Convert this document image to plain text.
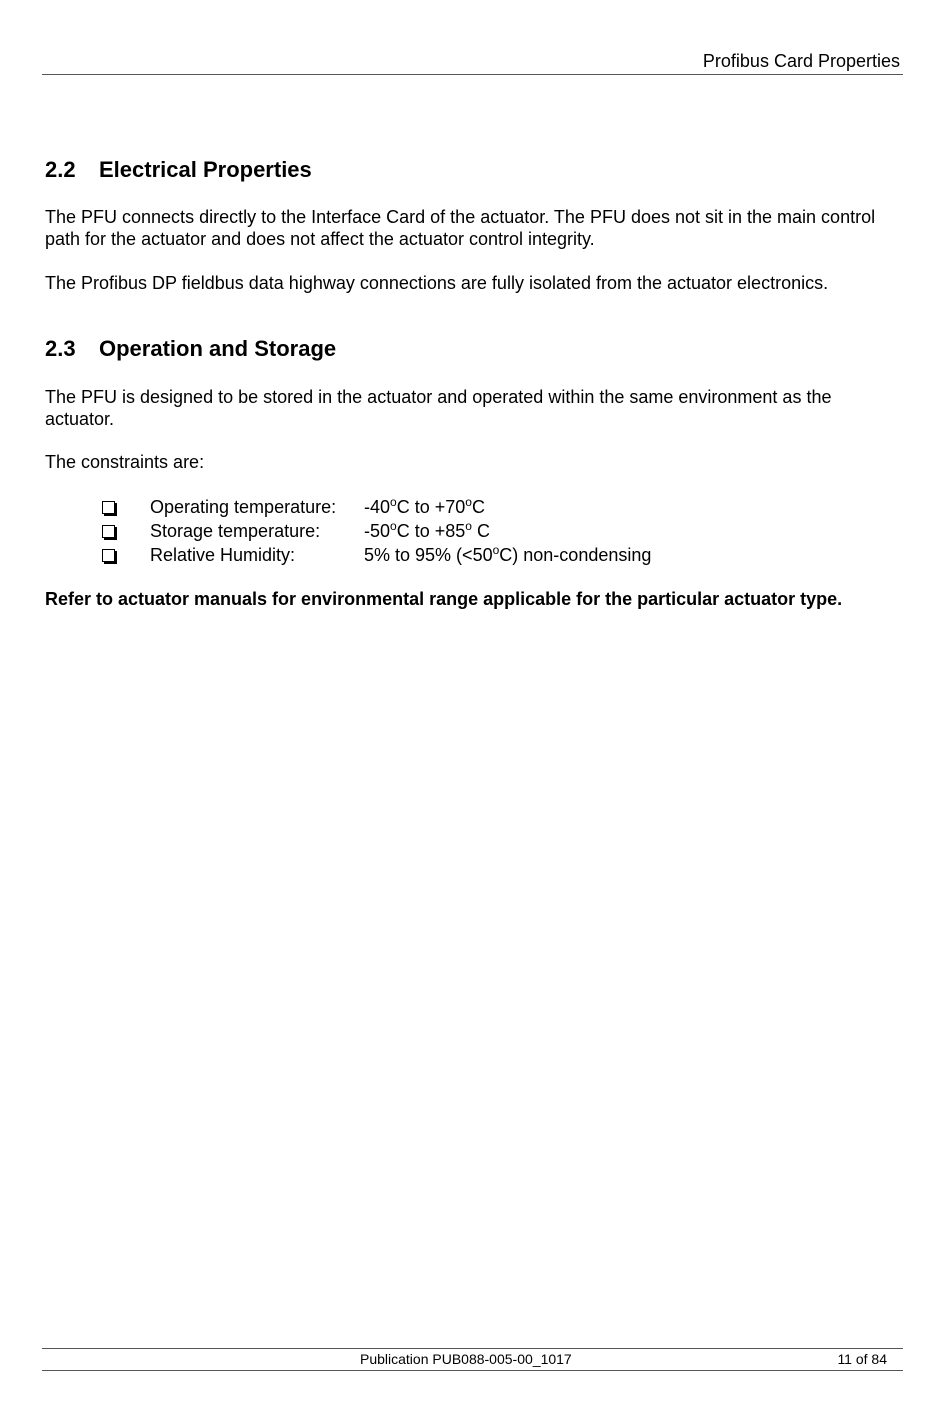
Profibus Card Properties
2.2 Electrical Properties

The PFU connects directly to the Interface Card of the actuator. The PFU does not sit in the main control path for the actuator and does not affect the actuator control integrity.

The Profibus DP fieldbus data highway connections are fully isolated from the actuator electronics.

2.3 Operation and Storage

The PFU is designed to be stored in the actuator and operated within the same environment as the actuator.

The constraints are:

Operating temperature:	-40$^o$C to $+70^oC$
Storage temperature:	-50$^o$C to $+85^o$ C
Relative Humidity:	5% to 95% $(<50^oC)$ non-condensing

Refer to actuator manuals for environmental range applicable for the particular actuator type.

Publication PUB088-005-00_1017	11 of 84
